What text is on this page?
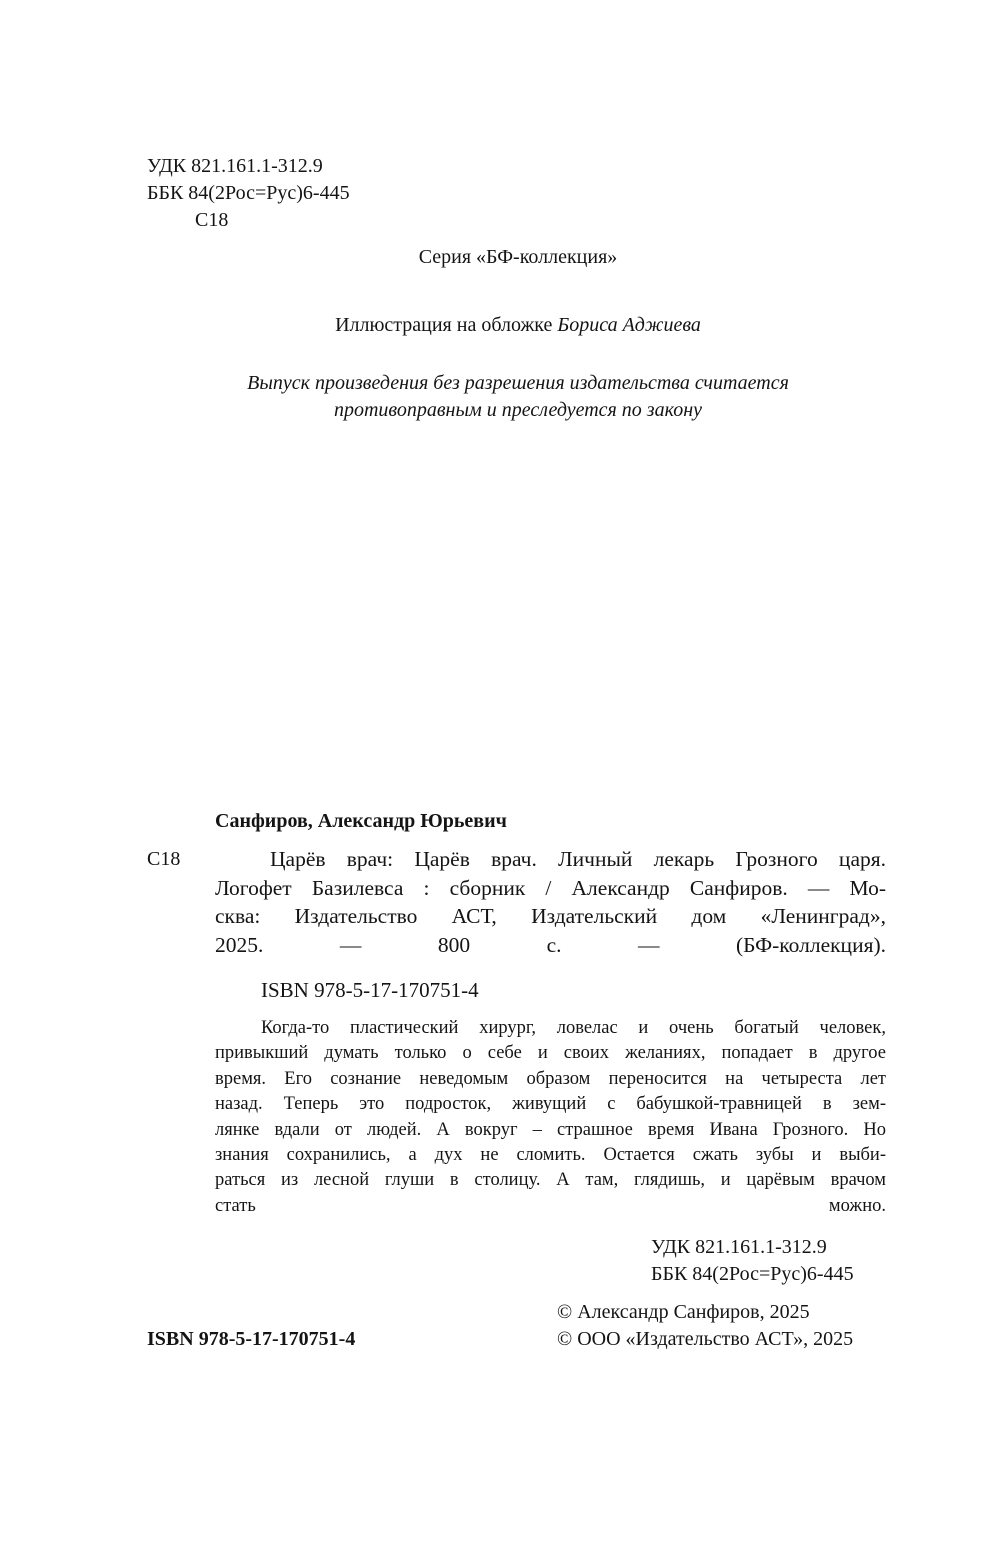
УДК 821.161.1-312.9
ББК 84(2Рос=Рус)6-445
С18
Серия «БФ-коллекция»
Иллюстрация на обложке Бориса Аджиева
Выпуск произведения без разрешения издательства считается
противоправным и преследуется по закону
Санфиров, Александр Юрьевич
С18	Царёв врач: Царёв врач. Личный лекарь Грозного царя.
Логофет Базилевса : сборник / Александр Санфиров. — Мо-
сква: Издательство АСТ, Издательский дом «Ленинград»,
2025. — 800 с. — (БФ-коллекция).
ISBN 978-5-17-170751-4
Когда-то пластический хирург, ловелас и очень богатый человек,
привыкший думать только о себе и своих желаниях, попадает в другое
время. Его сознание неведомым образом переносится на четыреста лет
назад. Теперь это подросток, живущий с бабушкой-травницей в зем-
лянке вдали от людей. А вокруг – страшное время Ивана Грозного. Но
знания сохранились, а дух не сломить. Остается сжать зубы и выби-
раться из лесной глуши в столицу. А там, глядишь, и царёвым врачом
стать можно.
УДК 821.161.1-312.9
ББК 84(2Рос=Рус)6-445
ISBN 978-5-17-170751-4
© Александр Санфиров, 2025
© ООО «Издательство АСТ», 2025
